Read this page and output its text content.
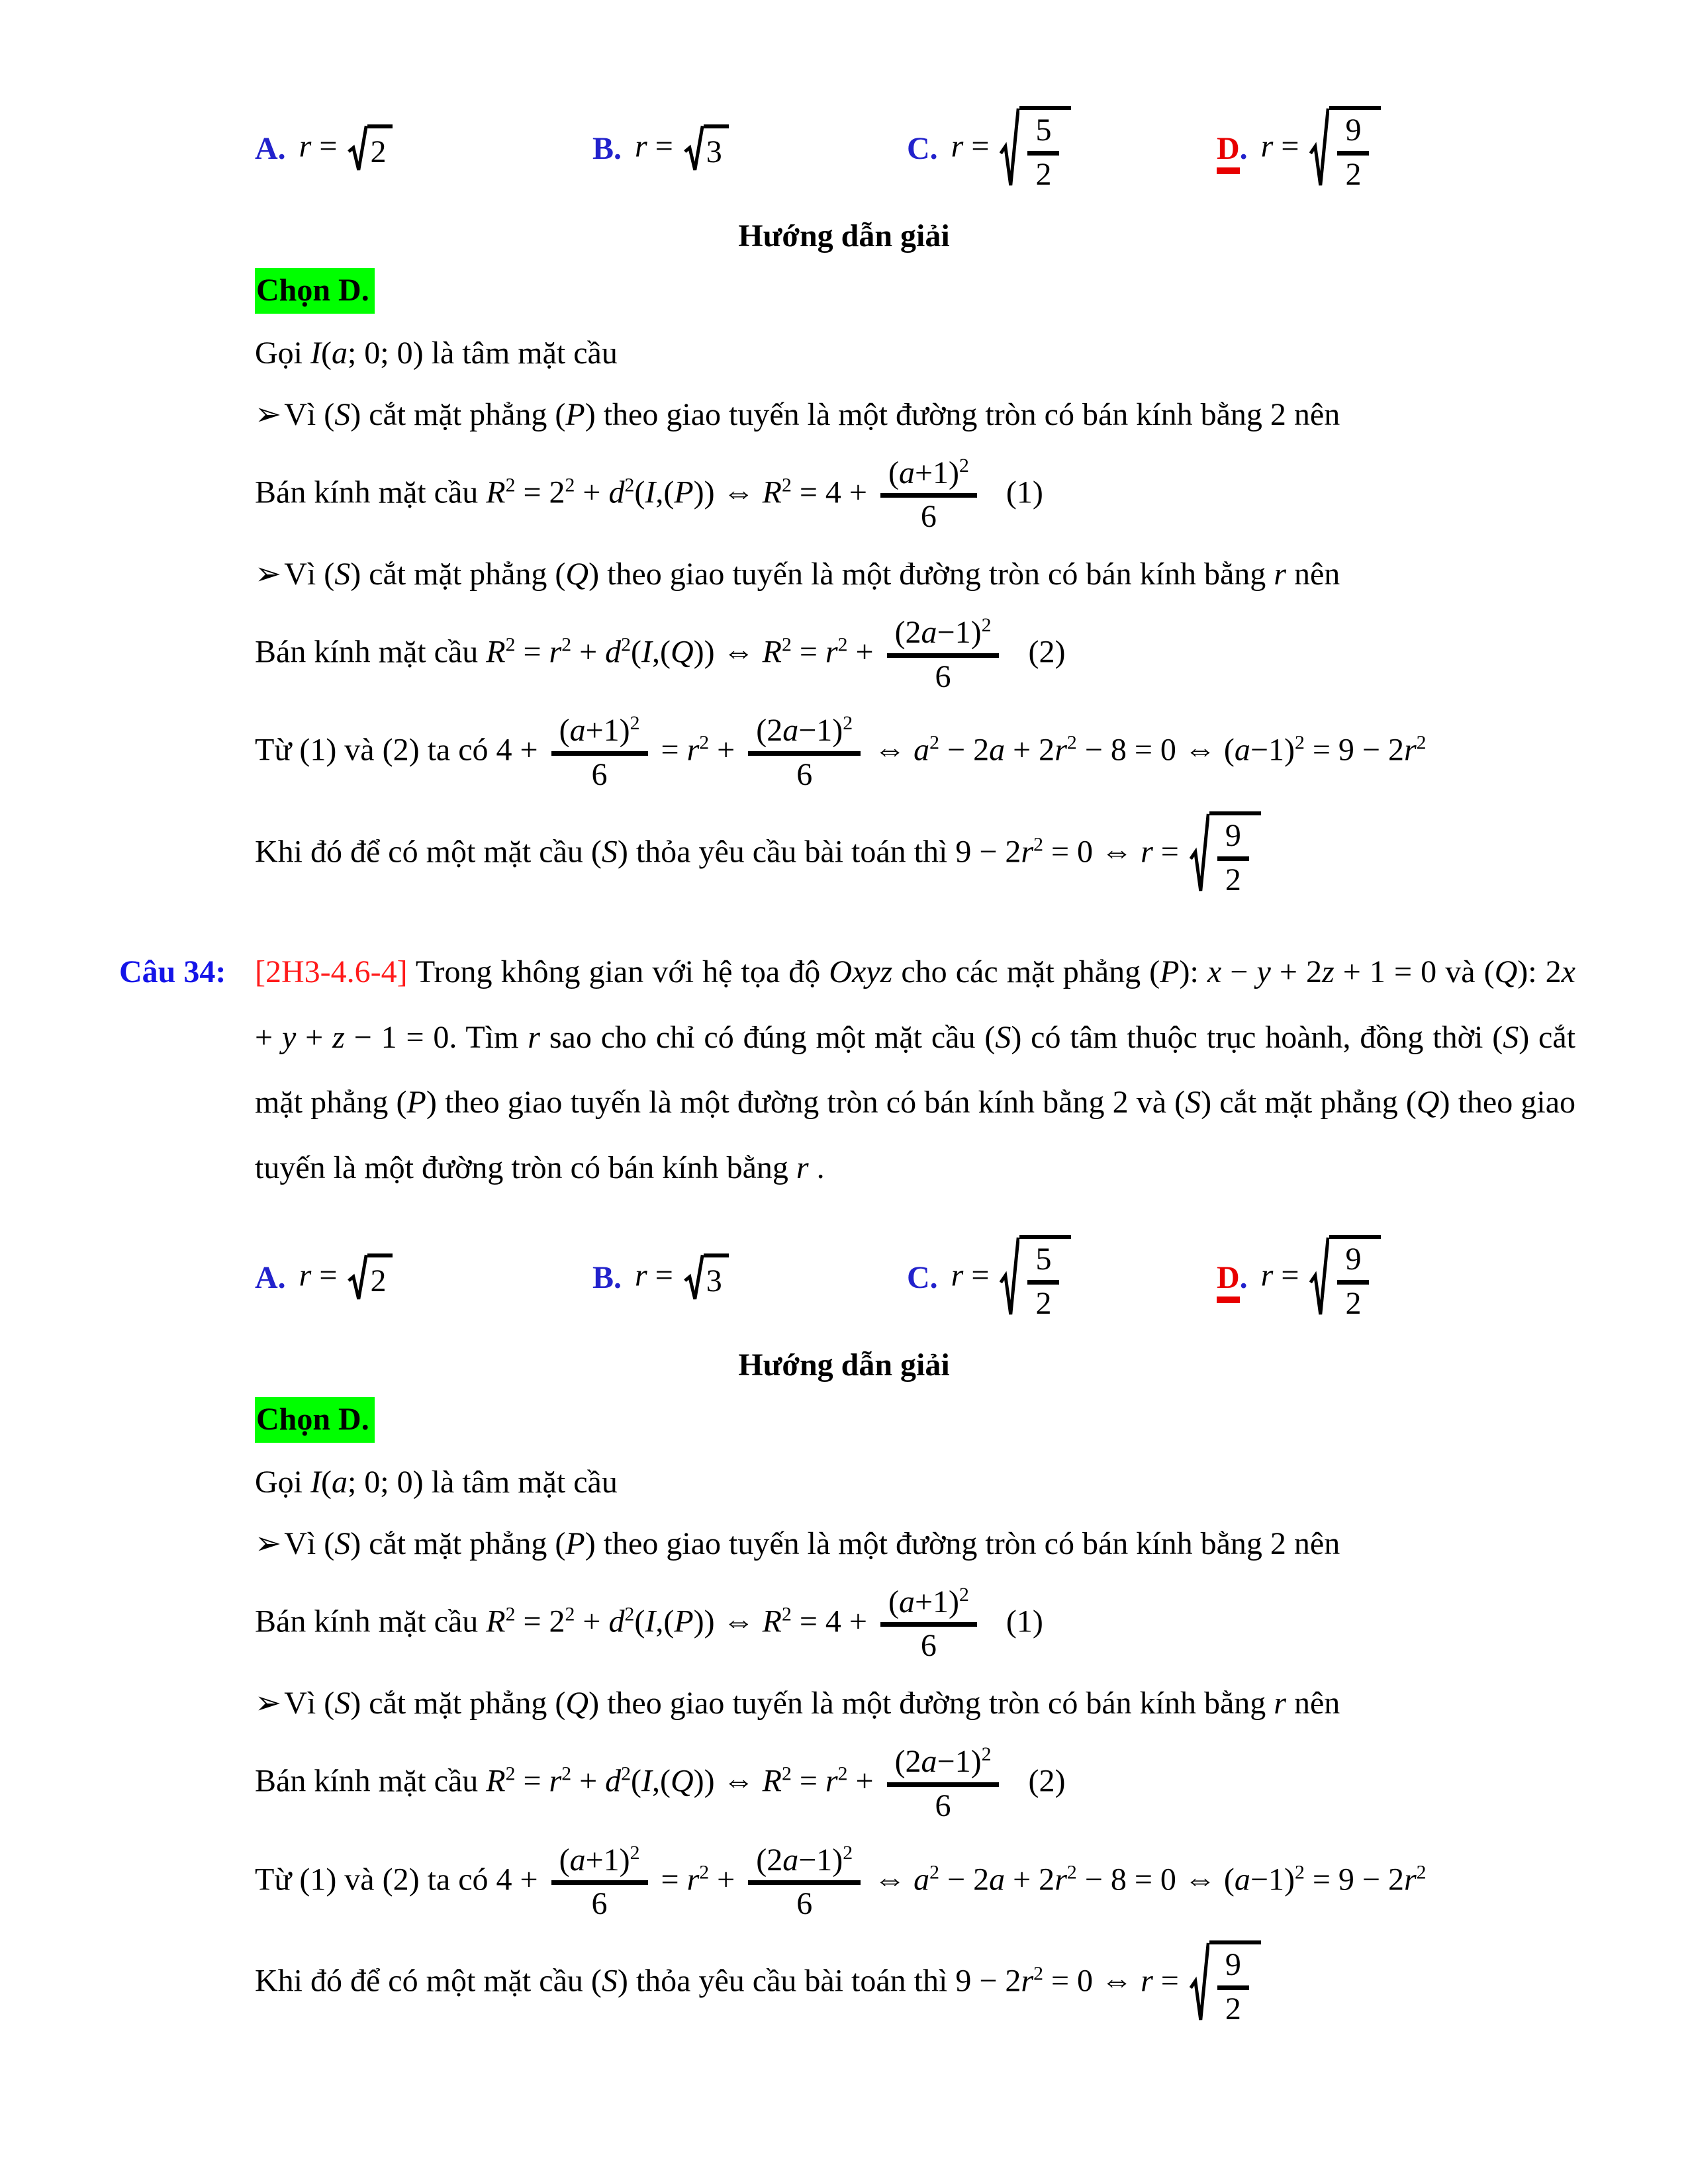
A. r = 2	B. r = 3	C. $r = \frac{5}{2}$	D. $r = \frac{9}{2}$
Hướng dẫn giải
Chọn D.
Gọi I(a; 0; 0) là tâm mặt cầu
➢Vì (S) cắt mặt phẳng (P) theo giao tuyến là một đường tròn có bán kính bằng 2 nên
Bán kính mặt cầu $R^2 = 2^2 + d^2(I,(P))$ ⇔ $R^2 = 4 + \frac{(a+1)^2}{6} (1)$
➢Vì (S) cắt mặt phẳng (Q) theo giao tuyến là một đường tròn có bán kính bằng r nên
Bán kính mặt cầu $R^2 = r^2 + d^2(I,(Q))$ ⇔ $R^2 = r^2 + \frac{(2a-1)^2}{6} (2)$
Từ (1) và (2) ta có $4 + \frac{(a+1)^2}{6} = r^2 + \frac{(2a-1)^2}{6}$ ⇔ $a^2 - 2a + 2r^2 - 8 = 0$ ⇔ $(a-1)^2 = 9 - 2r^2$
Khi đó để có một mặt cầu (S) thỏa yêu cầu bài toán thì $9 - 2r^2 = 0$ ⇔ $r = \frac{9}{2}$
Câu 34: [2H3-4.6-4] Trong không gian với hệ tọa độ Oxyz cho các mặt phẳng (P): x − y + 2z + 1 = 0 và (Q): 2x + y + z − 1 = 0. Tìm r sao cho chỉ có đúng một mặt cầu (S) có tâm thuộc trục hoành, đồng thời (S) cắt mặt phẳng (P) theo giao tuyến là một đường tròn có bán kính bằng 2 và (S) cắt mặt phẳng (Q) theo giao tuyến là một đường tròn có bán kính bằng r .
A. r = 2	B. r = 3	C. $r = \frac{5}{2}$	D. $r = \frac{9}{2}$
Hướng dẫn giải
Chọn D.
Gọi I(a; 0; 0) là tâm mặt cầu
➢Vì (S) cắt mặt phẳng (P) theo giao tuyến là một đường tròn có bán kính bằng 2 nên
Bán kính mặt cầu $R^2 = 2^2 + d^2(I,(P))$ ⇔ $R^2 = 4 + \frac{(a+1)^2}{6} (1)$
➢Vì (S) cắt mặt phẳng (Q) theo giao tuyến là một đường tròn có bán kính bằng r nên
Bán kính mặt cầu $R^2 = r^2 + d^2(I,(Q))$ ⇔ $R^2 = r^2 + \frac{(2a-1)^2}{6} (2)$
Từ (1) và (2) ta có $4 + \frac{(a+1)^2}{6} = r^2 + \frac{(2a-1)^2}{6}$ ⇔ $a^2 - 2a + 2r^2 - 8 = 0$ ⇔ $(a-1)^2 = 9 - 2r^2$
Khi đó để có một mặt cầu (S) thỏa yêu cầu bài toán thì $9 - 2r^2 = 0$ ⇔ $r = \frac{9}{2}$
